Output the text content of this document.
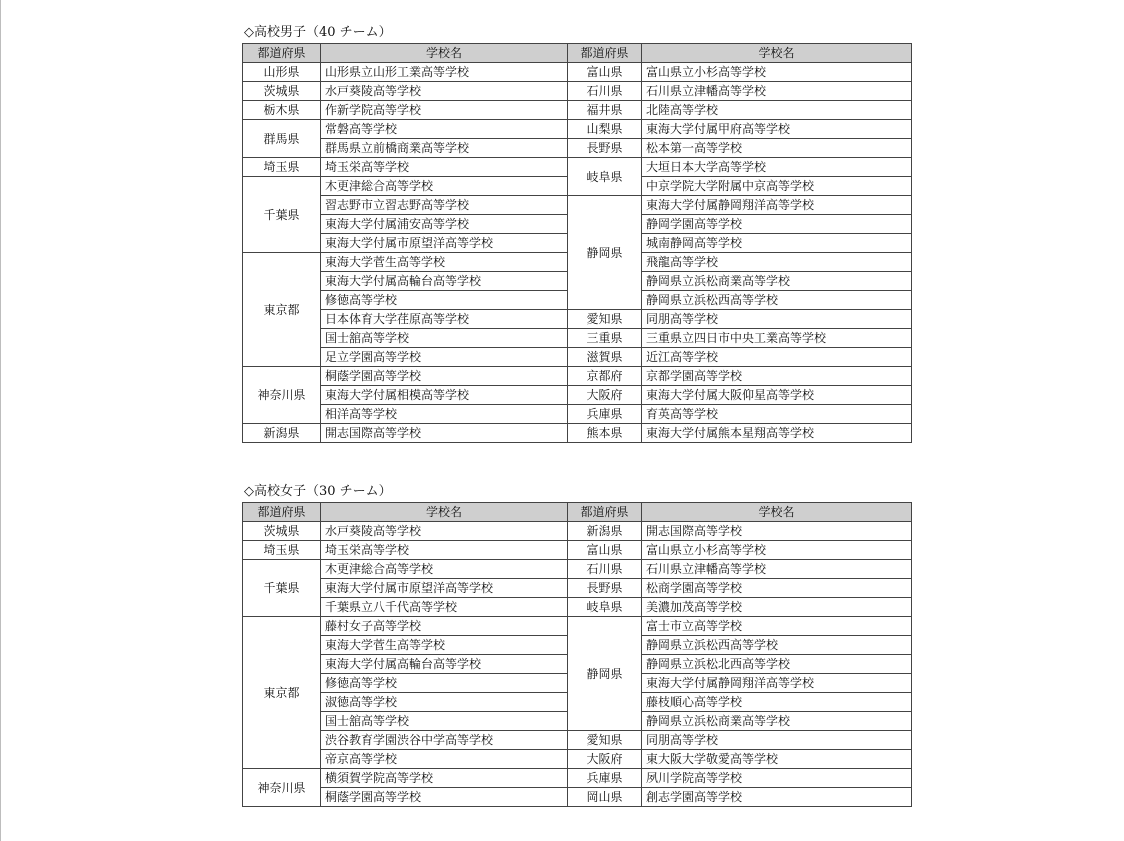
◇高校男子（40 チーム）
都道府県	学校名	都道府県	学校名
山形県	山形県立山形工業高等学校	富山県	富山県立小杉高等学校
茨城県	水戸葵陵高等学校	石川県	石川県立津幡高等学校
栃木県	作新学院高等学校	福井県	北陸高等学校
群馬県	常磐高等学校	山梨県	東海大学付属甲府高等学校
	群馬県立前橋商業高等学校	長野県	松本第一高等学校
埼玉県	埼玉栄高等学校	岐阜県	大垣日本大学高等学校
千葉県	木更津総合高等学校		中京学院大学附属中京高等学校
	習志野市立習志野高等学校	静岡県	東海大学付属静岡翔洋高等学校
	東海大学付属浦安高等学校		静岡学園高等学校
	東海大学付属市原望洋高等学校		城南静岡高等学校
東京都	東海大学菅生高等学校		飛龍高等学校
	東海大学付属高輪台高等学校		静岡県立浜松商業高等学校
	修徳高等学校		静岡県立浜松西高等学校
	日本体育大学荏原高等学校	愛知県	同朋高等学校
	国士舘高等学校	三重県	三重県立四日市中央工業高等学校
	足立学園高等学校	滋賀県	近江高等学校
神奈川県	桐蔭学園高等学校	京都府	京都学園高等学校
	東海大学付属相模高等学校	大阪府	東海大学付属大阪仰星高等学校
	相洋高等学校	兵庫県	育英高等学校
新潟県	開志国際高等学校	熊本県	東海大学付属熊本星翔高等学校
◇高校女子（30 チーム）
都道府県	学校名	都道府県	学校名
茨城県	水戸葵陵高等学校	新潟県	開志国際高等学校
埼玉県	埼玉栄高等学校	富山県	富山県立小杉高等学校
千葉県	木更津総合高等学校	石川県	石川県立津幡高等学校
	東海大学付属市原望洋高等学校	長野県	松商学園高等学校
	千葉県立八千代高等学校	岐阜県	美濃加茂高等学校
東京都	藤村女子高等学校	静岡県	富士市立高等学校
	東海大学菅生高等学校		静岡県立浜松西高等学校
	東海大学付属高輪台高等学校		静岡県立浜松北西高等学校
	修徳高等学校		東海大学付属静岡翔洋高等学校
	淑徳高等学校		藤枝順心高等学校
	国士舘高等学校		静岡県立浜松商業高等学校
	渋谷教育学園渋谷中学高等学校	愛知県	同朋高等学校
	帝京高等学校	大阪府	東大阪大学敬愛高等学校
神奈川県	横須賀学院高等学校	兵庫県	夙川学院高等学校
	桐蔭学園高等学校	岡山県	創志学園高等学校
